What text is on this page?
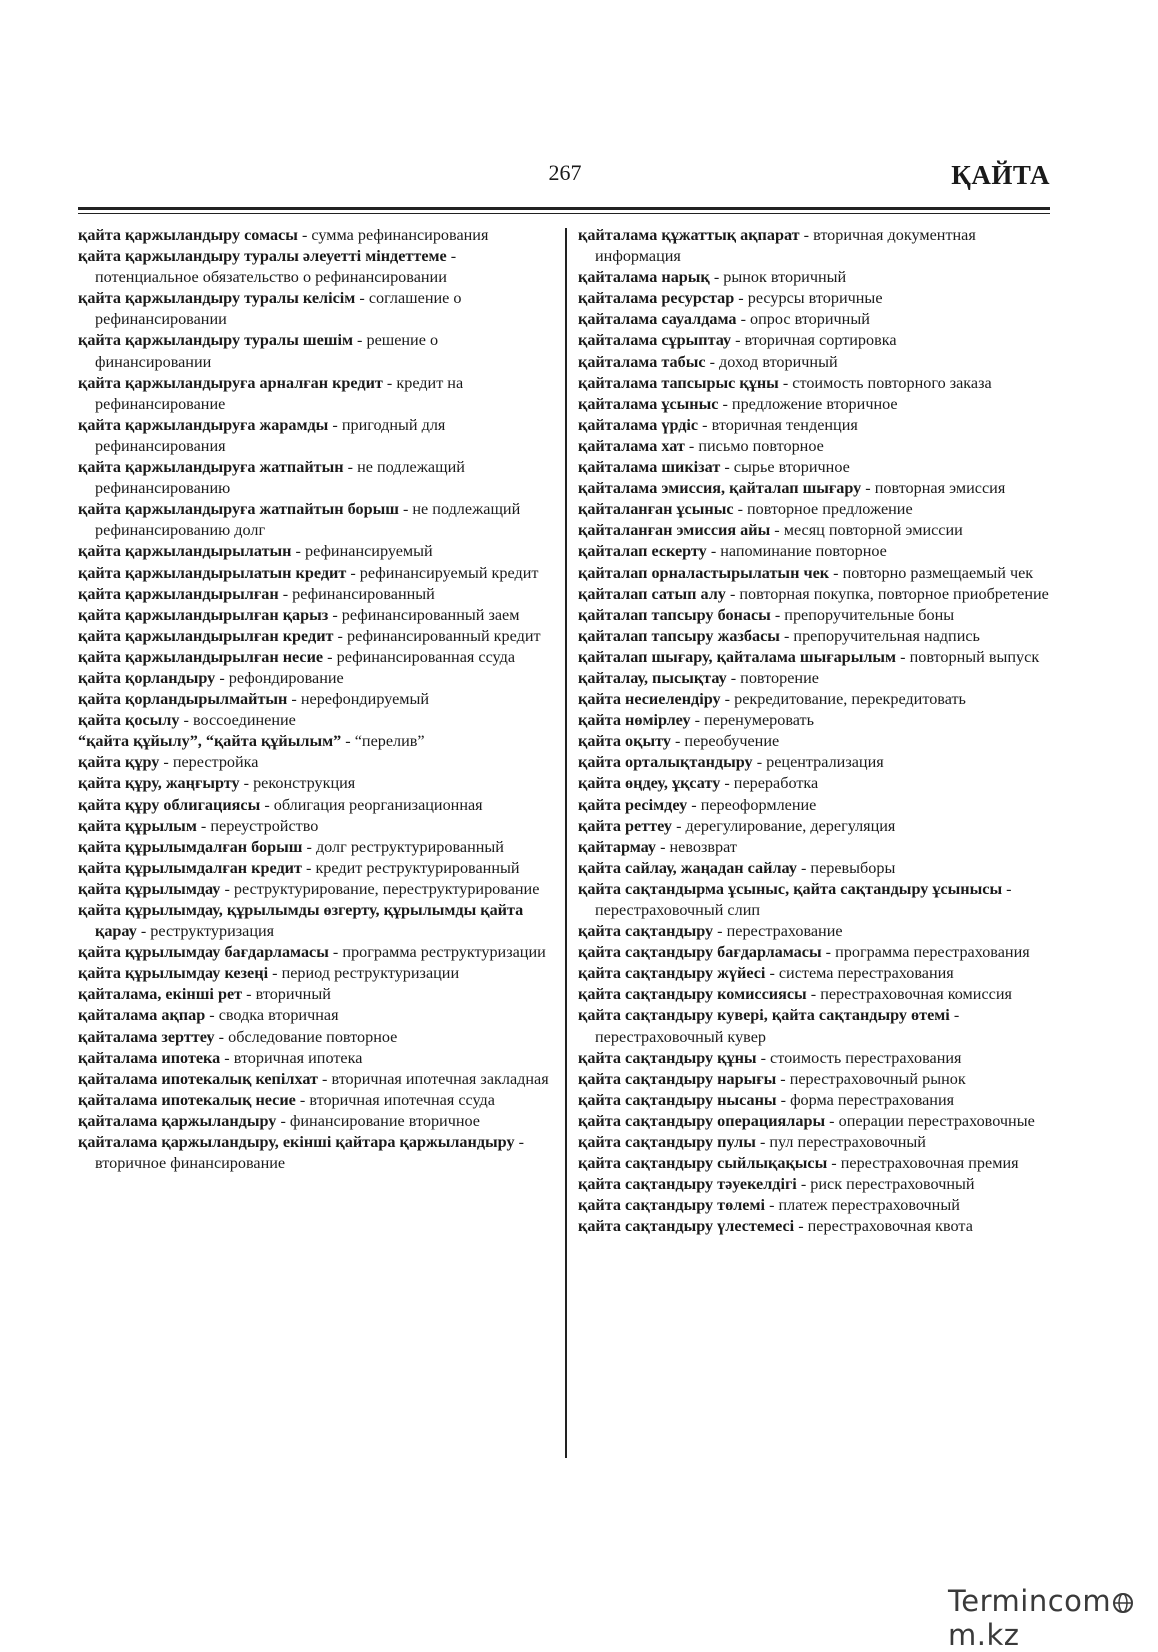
267	ҚАЙТА

қайта қаржыландыру сомасы - сумма рефинансирования

қайта қаржыландыру туралы әлеуетті міндеттеме - потенциальное обязательство о рефинансировании

қайта қаржыландыру туралы келісім - соглашение о рефинансировании

қайта қаржыландыру туралы шешім - решение о финансировании

қайта қаржыландыруға арналған кредит - кредит на рефинансирование

қайта қаржыландыруға жарамды - пригодный для рефинансирования

қайта қаржыландыруға жатпайтын - не подлежащий рефинансированию

қайта қаржыландыруға жатпайтын борыш - не подлежащий рефинансированию долг

қайта қаржыландырылатын - рефинансируемый

қайта қаржыландырылатын кредит - рефинансируемый кредит

қайта қаржыландырылған - рефинансированный

қайта қаржыландырылған қарыз - рефинансированный заем

қайта қаржыландырылған кредит - рефинансированный кредит

қайта қаржыландырылған несие - рефинансированная ссуда

қайта қорландыру - рефондирование

қайта қорландырылмайтын - нерефондируемый

қайта қосылу - воссоединение

“қайта құйылу”, “қайта құйылым” - “перелив”

қайта құру - перестройка

қайта құру, жаңғырту - реконструкция

қайта құру облигациясы - облигация реорганизационная

қайта құрылым - переустройство

қайта құрылымдалған борыш - долг реструктурированный

қайта құрылымдалған кредит - кредит реструктурированный

қайта құрылымдау - реструктурирование, переструктурирование

қайта құрылымдау, құрылымды өзгерту, құрылымды қайта қарау - реструктуризация

қайта құрылымдау бағдарламасы - программа реструктуризации

қайта құрылымдау кезеңі - период реструктуризации

қайталама, екінші рет - вторичный

қайталама ақпар - сводка вторичная

қайталама зерттеу - обследование повторное

қайталама ипотека - вторичная ипотека

қайталама ипотекалық кепілхат - вторичная ипотечная закладная

қайталама ипотекалық несие - вторичная ипотечная ссуда

қайталама қаржыландыру - финансирование вторичное

қайталама қаржыландыру, екінші қайтара қаржыландыру - вторичное финансирование

қайталама құжаттық ақпарат - вторичная документная информация

қайталама нарық - рынок вторичный

қайталама ресурстар - ресурсы вторичные

қайталама сауалдама - опрос вторичный

қайталама сұрыптау - вторичная сортировка

қайталама табыс - доход вторичный

қайталама тапсырыс құны - стоимость повторного заказа

қайталама ұсыныс - предложение вторичное

қайталама үрдіс - вторичная тенденция

қайталама хат - письмо повторное

қайталама шикізат - сырье вторичное

қайталама эмиссия, қайталап шығару - повторная эмиссия

қайталанған ұсыныс - повторное предложение

қайталанған эмиссия айы - месяц повторной эмиссии

қайталап ескерту - напоминание повторное

қайталап орналастырылатын чек - повторно размещаемый чек

қайталап сатып алу - повторная покупка, повторное приобретение

қайталап тапсыру бонасы - препоручительные боны

қайталап тапсыру жазбасы - препоручительная надпись

қайталап шығару, қайталама шығарылым - повторный выпуск

қайталау, пысықтау - повторение

қайта несиелендіру - рекредитование, перекредитовать

қайта нөмірлеу - перенумеровать

қайта оқыту - переобучение

қайта орталықтандыру - рецентрализация

қайта өңдеу, ұқсату - переработка

қайта ресімдеу - переоформление

қайта реттеу - дерегулирование, дерегуляция

қайтармау - невозврат

қайта сайлау, жаңадан сайлау - перевыборы

қайта сақтандырма ұсыныс, қайта сақтандыру ұсынысы - перестраховочный слип

қайта сақтандыру - перестрахование

қайта сақтандыру бағдарламасы - программа перестрахования

қайта сақтандыру жүйесі - система перестрахования

қайта сақтандыру комиссиясы - перестраховочная комиссия

қайта сақтандыру кувері, қайта сақтандыру өтемі - перестраховочный кувер

қайта сақтандыру құны - стоимость перестрахования

қайта сақтандыру нарығы - перестраховочный рынок

қайта сақтандыру нысаны - форма перестрахования

қайта сақтандыру операциялары - операции перестраховочные

қайта сақтандыру пулы - пул перестраховочный

қайта сақтандыру сыйлықақысы - перестраховочная премия

қайта сақтандыру тәуекелдігі - риск перестраховочный

қайта сақтандыру төлемі - платеж перестраховочный

қайта сақтандыру үлестемесі - перестраховочная квота

Termincomm.kz
